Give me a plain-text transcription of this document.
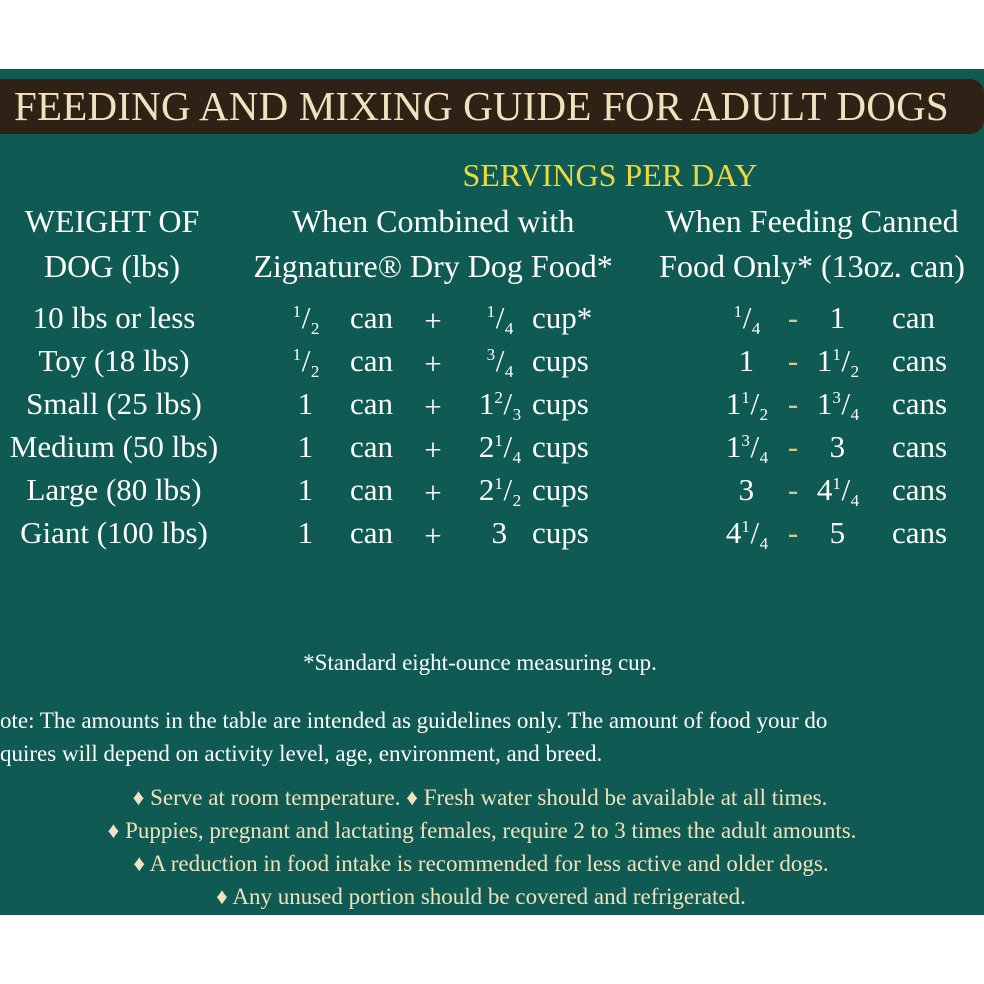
FEEDING AND MIXING GUIDE FOR ADULT DOGS
SERVINGS PER DAY
WEIGHT OF
DOG (lbs)
When Combined with
Zignature® Dry Dog Food*
When Feeding Canned
Food Only* (13oz. can)
10 lbs or less	$^1/_2$ can +	$^1/_4$ cup*	$^1/_4 - 1$ can
Toy (18 lbs)	$^1/_2$ can +	$^3/_4$ cups	$1 - 1^1/_2$ cans
Small (25 lbs)	1 can + $1^2/_3$ cups	$1^1/_2 - 1^3/_4$ cans
Medium (50 lbs)	1 can + $2^1/_4$ cups	$1^3/_4 - 3$ cans
Large (80 lbs)	1 can + $2^1/_2$ cups	$3 - 4^1/_4$ cans
Giant (100 lbs)	1 can + 3 cups	$4^1/_4 - 5$ cans
*Standard eight-ounce measuring cup.
ote: The amounts in the table are intended as guidelines only. The amount of food your do
quires will depend on activity level, age, environment, and breed.
♦ Serve at room temperature. ♦ Fresh water should be available at all times.
♦ Puppies, pregnant and lactating females, require 2 to 3 times the adult amounts.
♦ A reduction in food intake is recommended for less active and older dogs.
♦ Any unused portion should be covered and refrigerated.
